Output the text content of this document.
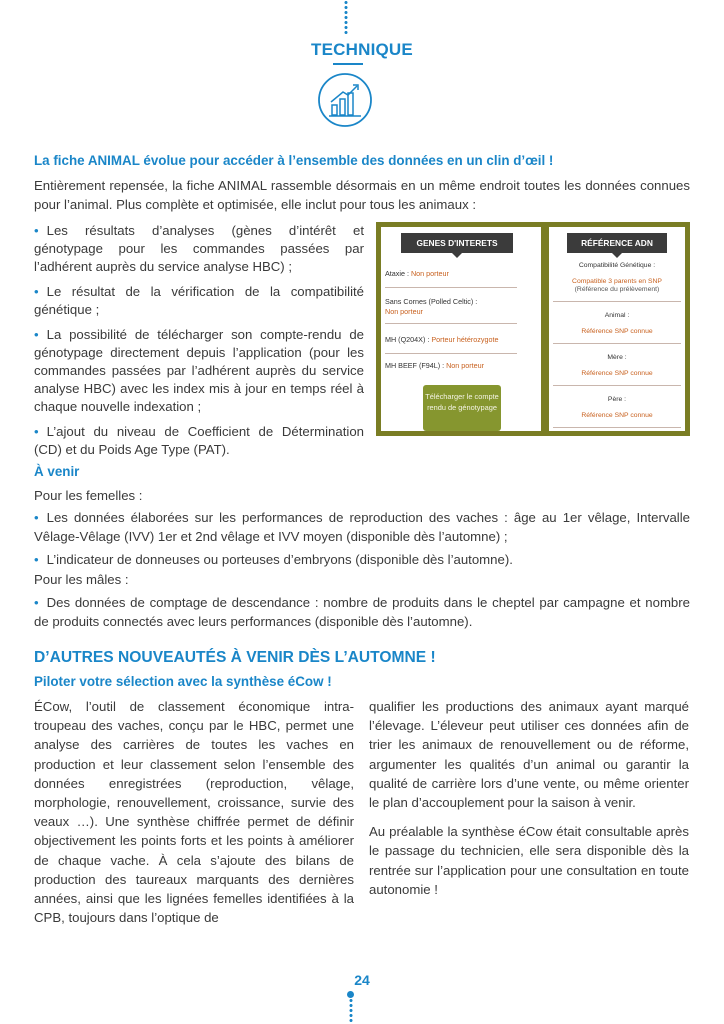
TECHNIQUE
La fiche ANIMAL évolue pour accéder à l’ensemble des données en un clin d’œil !
Entièrement repensée, la fiche ANIMAL rassemble désormais en un même endroit toutes les données connues pour l’animal. Plus complète et optimisée, elle inclut pour tous les animaux :
• Les résultats d’analyses (gènes d’intérêt et génotypage pour les commandes passées par l’adhérent auprès du service analyse HBC) ;
• Le résultat de la vérification de la compatibilité génétique ;
• La possibilité de télécharger son compte-rendu de génotypage directement depuis l’application (pour les commandes passées par l’adhérent auprès du service analyse HBC) avec les index mis à jour en temps réel à chaque nouvelle indexation ;
• L’ajout du niveau de Coefficient de Détermination (CD) et du Poids Age Type (PAT).
GENES D'INTERETS
Ataxie : Non porteur
Sans Cornes (Polled Celtic) :
Non porteur
MH (Q204X) : Porteur hétérozygote
MH BEEF (F94L) : Non porteur
Télécharger le compte rendu de génotypage
RÉFÉRENCE ADN
Compatibilité Génétique :
Compatible 3 parents en SNP
(Référence du prélèvement)
Animal :
Référence SNP connue
Mère :
Référence SNP connue
Père :
Référence SNP connue
À venir
Pour les femelles :
• Les données élaborées sur les performances de reproduction des vaches : âge au 1er vêlage, Intervalle Vêlage-Vêlage (IVV) 1er et 2nd vêlage et IVV moyen (disponible dès l’automne) ;
• L’indicateur de donneuses ou porteuses d’embryons (disponible dès l’automne).
Pour les mâles :
• Des données de comptage de descendance : nombre de produits dans le cheptel par campagne et nombre de produits connectés avec leurs performances (disponible dès l’automne).
D’AUTRES NOUVEAUTÉS À VENIR DÈS L’AUTOMNE !
Piloter votre sélection avec la synthèse éCow !

ÉCow, l’outil de classement économique intra-troupeau des vaches, conçu par le HBC, permet une analyse des carrières de toutes les vaches en production et leur classement selon l’ensemble des données enregistrées (reproduction, vêlage, morphologie, renouvellement, croissance, survie des veaux …). Une synthèse chiffrée permet de définir objectivement les points forts et les points à améliorer de chaque vache. À cela s’ajoute des bilans de production des taureaux marquants des dernières années, ainsi que les lignées femelles identifiées à la CPB, toujours dans l’optique de

qualifier les productions des animaux ayant marqué l’élevage. L’éleveur peut utiliser ces données afin de trier les animaux de renouvellement ou de réforme, argumenter les qualités d’un animal ou garantir la qualité de carrière lors d’une vente, ou même orienter le plan d’accouplement pour la saison à venir.

Au préalable la synthèse éCow était consultable après le passage du technicien, elle sera disponible dès la rentrée sur l’application pour une consultation en toute autonomie !

24
